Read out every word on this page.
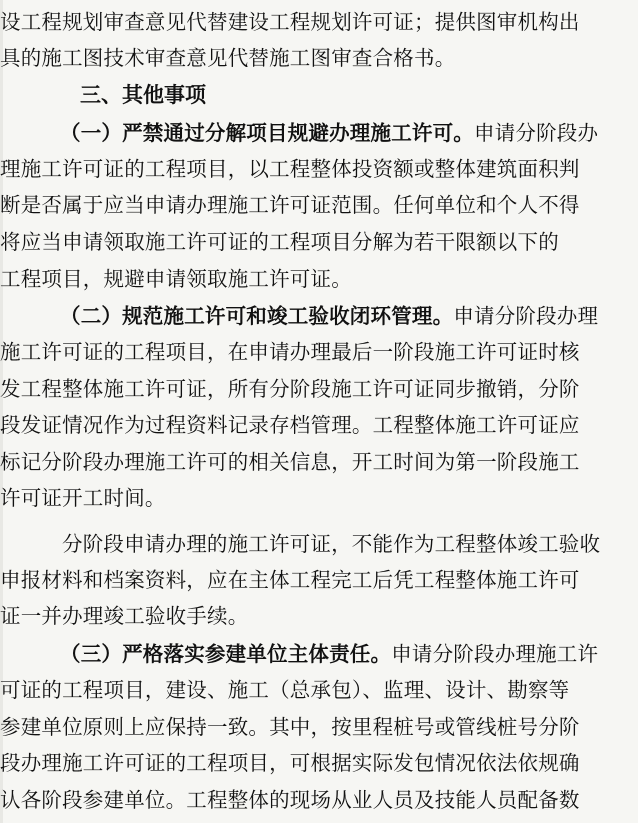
设工程规划审查意见代替建设工程规划许可证；提供图审机构出
具的施工图技术审查意见代替施工图审查合格书。
三、其他事项
（一）严禁通过分解项目规避办理施工许可。申请分阶段办
理施工许可证的工程项目，以工程整体投资额或整体建筑面积判
断是否属于应当申请办理施工许可证范围。任何单位和个人不得
将应当申请领取施工许可证的工程项目分解为若干限额以下的
工程项目，规避申请领取施工许可证。
（二）规范施工许可和竣工验收闭环管理。申请分阶段办理
施工许可证的工程项目，在申请办理最后一阶段施工许可证时核
发工程整体施工许可证，所有分阶段施工许可证同步撤销，分阶
段发证情况作为过程资料记录存档管理。工程整体施工许可证应
标记分阶段办理施工许可的相关信息，开工时间为第一阶段施工
许可证开工时间。
分阶段申请办理的施工许可证，不能作为工程整体竣工验收
申报材料和档案资料，应在主体工程完工后凭工程整体施工许可
证一并办理竣工验收手续。
（三）严格落实参建单位主体责任。申请分阶段办理施工许
可证的工程项目，建设、施工（总承包）、监理、设计、勘察等
参建单位原则上应保持一致。其中，按里程桩号或管线桩号分阶
段办理施工许可证的工程项目，可根据实际发包情况依法依规确
认各阶段参建单位。工程整体的现场从业人员及技能人员配备数
